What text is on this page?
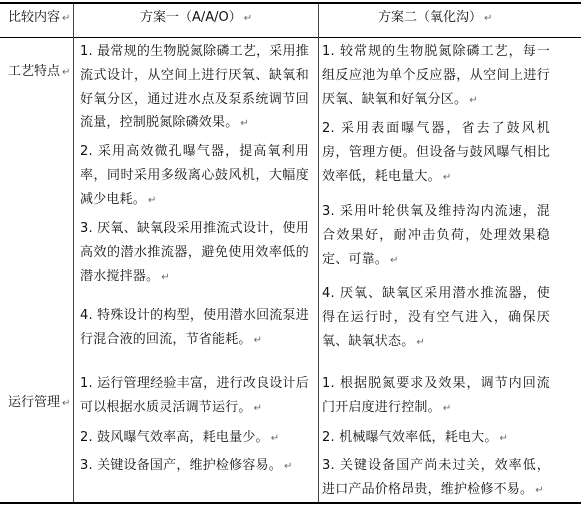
比较内容 ↵	方案一（A/A/O） ↵	方案二（氧化沟） ↵
工艺特点 ↵
1. 最常规的生物脱氮除磷工艺，采用推流式设计，从空间上进行厌氧、缺氧和好氧分区，通过进水点及泵系统调节回流量，控制脱氮除磷效果。 ↵
2. 采用高效微孔曝气器，提高氧利用率，同时采用多级离心鼓风机，大幅度减少电耗。 ↵
3. 厌氧、缺氧段采用推流式设计，使用高效的潜水推流器，避免使用效率低的潜水搅拌器。 ↵
4. 特殊设计的构型，使用潜水回流泵进行混合液的回流，节省能耗。 ↵
1. 较常规的生物脱氮除磷工艺，每一组反应池为单个反应器，从空间上进行厌氧、缺氧和好氧分区。 ↵
2. 采用表面曝气器，省去了鼓风机房，管理方便。但设备与鼓风曝气相比效率低，耗电量大。 ↵
3. 采用叶轮供氧及维持沟内流速，混合效果好，耐冲击负荷，处理效果稳定、可靠。 ↵
4. 厌氧、缺氧区采用潜水推流器，使得在运行时，没有空气进入，确保厌氧、缺氧状态。 ↵
运行管理 ↵
1. 运行管理经验丰富，进行改良设计后可以根据水质灵活调节运行。 ↵
2. 鼓风曝气效率高，耗电量少。 ↵
3. 关键设备国产，维护检修容易。 ↵
1. 根据脱氮要求及效果，调节内回流门开启度进行控制。 ↵
2. 机械曝气效率低，耗电大。 ↵
3. 关键设备国产尚未过关，效率低，进口产品价格昂贵，维护检修不易。 ↵
